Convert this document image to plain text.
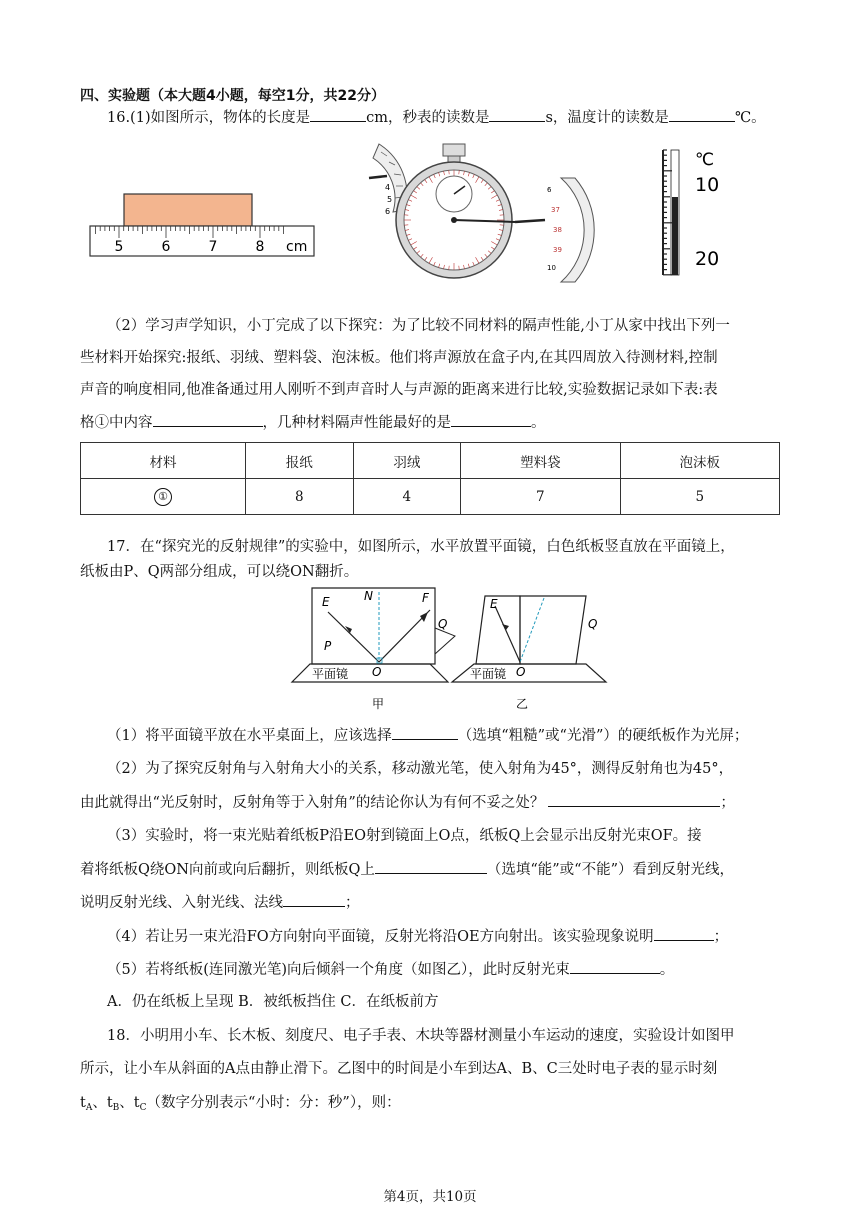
四、实验题（本大题4小题，每空1分，共22分）
16.(1)如图所示，物体的长度是	cm，秒表的读数是	s，温度计的读数是	℃。
5	6	7	8 cm
4
5
6
6
37
38
39
10
℃
10
20
（2）学习声学知识，小丁完成了以下探究：为了比较不同材料的隔声性能,小丁从家中找出下列一
些材料开始探究:报纸、羽绒、塑料袋、泡沫板。他们将声源放在盒子内,在其四周放入待测材料,控制
声音的响度相同,他准备通过用人刚听不到声音时人与声源的距离来进行比较,实验数据记录如下表:表
格①中内容	，几种材料隔声性能最好的是	。
材料	报纸	羽绒	塑料袋	泡沫板
①	8	4	7	5
17．在“探究光的反射规律”的实验中，如图所示，水平放置平面镜，白色纸板竖直放在平面镜上，
纸板由P、Q两部分组成，可以绕ON翻折。
E	N	F
P
Q
O
平面镜
E
Q
O
平面镜
甲	乙
（1）将平面镜平放在水平桌面上，应该选择	（选填“粗糙”或“光滑”）的硬纸板作为光屏；
（2）为了探究反射角与入射角大小的关系，移动激光笔，使入射角为45°，测得反射角也为45°，
由此就得出“光反射时，反射角等于入射角”的结论你认为有何不妥之处？	；
（3）实验时，将一束光贴着纸板P沿EO射到镜面上O点，纸板Q上会显示出反射光束OF。接
着将纸板Q绕ON向前或向后翻折，则纸板Q上	（选填“能”或“不能”）看到反射光线，
说明反射光线、入射光线、法线	；
（4）若让另一束光沿FO方向射向平面镜，反射光将沿OE方向射出。该实验现象说明	；
（5）若将纸板(连同激光笔)向后倾斜一个角度（如图乙），此时反射光束	。
A．仍在纸板上呈现 B．被纸板挡住 C．在纸板前方
18．小明用小车、长木板、刻度尺、电子手表、木块等器材测量小车运动的速度，实验设计如图甲
所示，让小车从斜面的A点由静止滑下。乙图中的时间是小车到达A、B、C三处时电子表的显示时刻
$t_A$、$t_B$、$t_C$（数字分别表示“小时：分：秒”），则：
第4页，共10页
